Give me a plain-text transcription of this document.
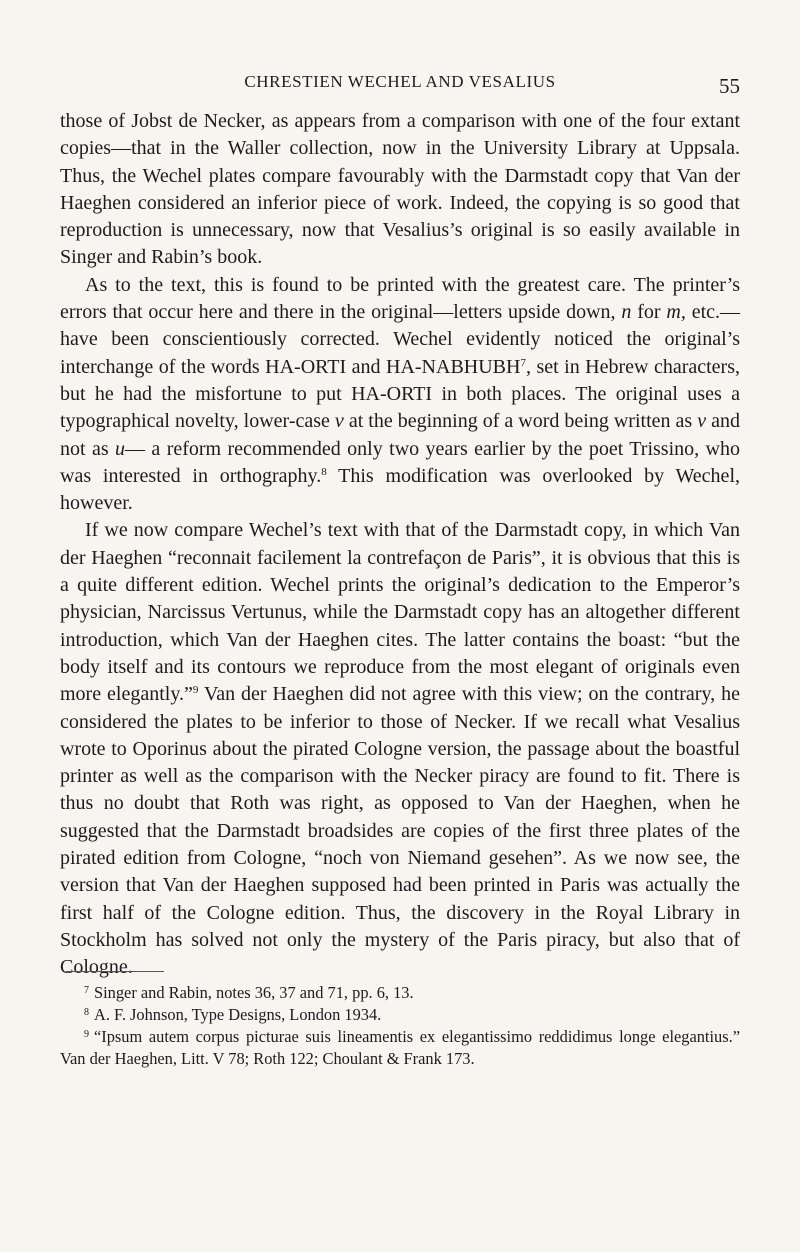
CHRESTIEN WECHEL AND VESALIUS	55

those of Jobst de Necker, as appears from a comparison with one of the four extant copies—that in the Waller collection, now in the University Library at Uppsala. Thus, the Wechel plates compare favourably with the Darmstadt copy that Van der Haeghen considered an inferior piece of work. Indeed, the copying is so good that reproduction is unnecessary, now that Vesalius’s original is so easily available in Singer and Rabin’s book.

As to the text, this is found to be printed with the greatest care. The printer’s errors that occur here and there in the original—letters upside down, n for m, etc.—have been conscientiously corrected. Wechel evidently noticed the original’s interchange of the words HA-ORTI and HA-NABHUBH$^7$, set in Hebrew characters, but he had the misfortune to put HA-ORTI in both places. The original uses a typographical novelty, lower-case v at the beginning of a word being written as v and not as u— a reform recommended only two years earlier by the poet Trissino, who was interested in orthography.$^8$ This modification was overlooked by Wechel, however.

If we now compare Wechel’s text with that of the Darmstadt copy, in which Van der Haeghen “reconnait facilement la contrefaçon de Paris”, it is obvious that this is a quite different edition. Wechel prints the original’s dedication to the Emperor’s physician, Narcissus Vertunus, while the Darmstadt copy has an altogether different introduction, which Van der Haeghen cites. The latter contains the boast: “but the body itself and its contours we reproduce from the most elegant of originals even more elegantly.”$^9$ Van der Haeghen did not agree with this view; on the contrary, he considered the plates to be inferior to those of Necker. If we recall what Vesalius wrote to Oporinus about the pirated Cologne version, the passage about the boastful printer as well as the comparison with the Necker piracy are found to fit. There is thus no doubt that Roth was right, as opposed to Van der Haeghen, when he suggested that the Darmstadt broadsides are copies of the first three plates of the pirated edition from Cologne, “noch von Niemand gesehen”. As we now see, the version that Van der Haeghen supposed had been printed in Paris was actually the first half of the Cologne edition. Thus, the discovery in the Royal Library in Stockholm has solved not only the mystery of the Paris piracy, but also that of Cologne.

$^7$ Singer and Rabin, notes 36, 37 and 71, pp. 6, 13.

$^8$ A. F. Johnson, Type Designs, London 1934.

$^9$ “Ipsum autem corpus picturae suis lineamentis ex elegantissimo reddidimus longe elegantius.” Van der Haeghen, Litt. V 78; Roth 122; Choulant & Frank 173.
